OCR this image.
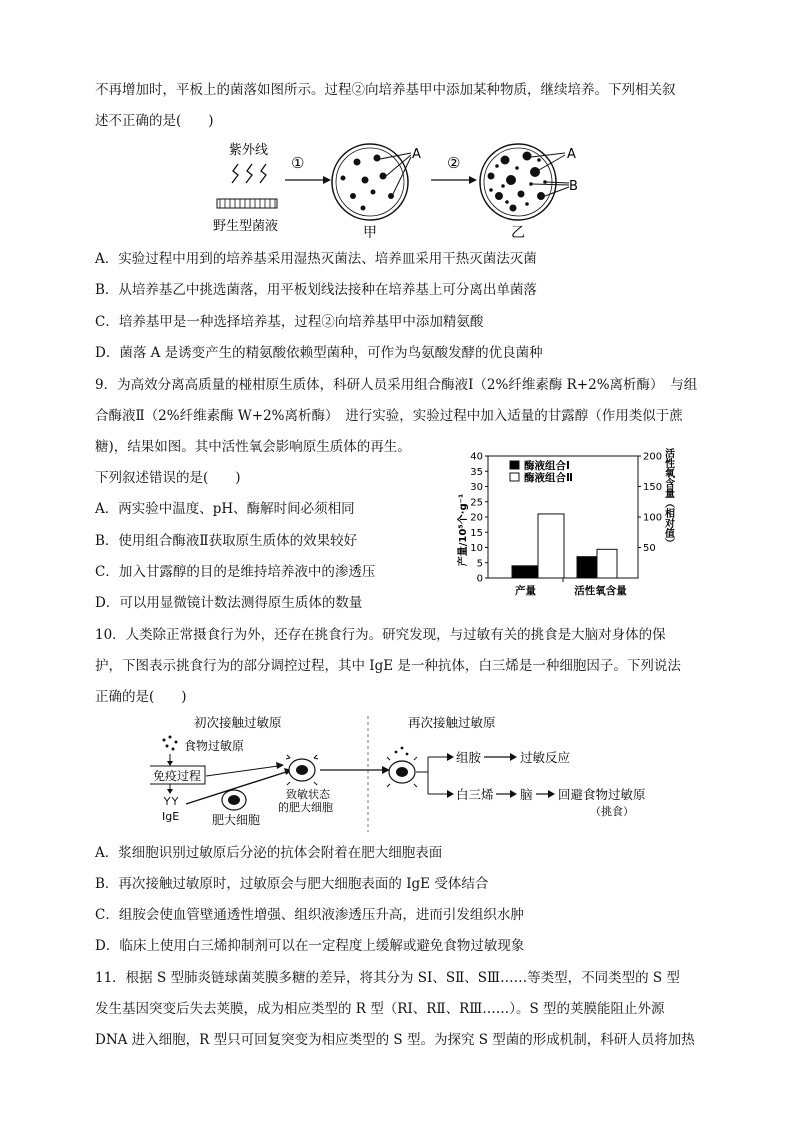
不再增加时，平板上的菌落如图所示。过程②向培养基甲中添加某种物质，继续培养。下列相关叙
述不正确的是(　　)
紫外线
野生型菌液
①	A
甲
②	A
B
乙
A．实验过程中用到的培养基采用湿热灭菌法、培养皿采用干热灭菌法灭菌
B．从培养基乙中挑选菌落，用平板划线法接种在培养基上可分离出单菌落
C．培养基甲是一种选择培养基，过程②向培养基甲中添加精氨酸
D．菌落 A 是诱变产生的精氨酸依赖型菌种，可作为鸟氨酸发酵的优良菌种
9．为高效分离高质量的椪柑原生质体，科研人员采用组合酶液Ⅰ（2%纤维素酶 R+2%离析酶）　与组
合酶液Ⅱ（2%纤维素酶 W+2%离析酶）　进行实验，实验过程中加入适量的甘露醇（作用类似于蔗
糖)，结果如图。其中活性氧会影响原生质体的再生。
下列叙述错误的是(　　)
A．两实验中温度、pH、酶解时间必须相同
B．使用组合酶液Ⅱ获取原生质体的效果较好
C．加入甘露醇的目的是维持培养液中的渗透压
D．可以用显微镜计数法测得原生质体的数量
产量/10⁵个·g⁻¹	活性氧含量（相对值）
0
5
10
15
20
25
30
35
40
50
100
150
200
酶液组合Ⅰ
酶液组合Ⅱ
产量	活性氧含量
10．人类除正常摄食行为外，还存在挑食行为。研究发现，与过敏有关的挑食是大脑对身体的保
护，下图表示挑食行为的部分调控过程，其中 IgE 是一种抗体，白三烯是一种细胞因子。下列说法
正确的是(　　)
初次接触过敏原	再次接触过敏原
食物过敏原
免疫过程
IgE	肥大细胞
致敏状态
的肥大细胞
组胺	过敏反应
白三烯 脑 回避食物过敏原
（挑食）
A．浆细胞识别过敏原后分泌的抗体会附着在肥大细胞表面
B．再次接触过敏原时，过敏原会与肥大细胞表面的 IgE 受体结合
C．组胺会使血管壁通透性增强、组织液渗透压升高，进而引发组织水肿
D．临床上使用白三烯抑制剂可以在一定程度上缓解或避免食物过敏现象
11．根据 S 型肺炎链球菌荚膜多糖的差异，将其分为 SⅠ、SⅡ、SⅢ……等类型，不同类型的 S 型
发生基因突变后失去荚膜，成为相应类型的 R 型（RⅠ、RⅡ、RⅢ……）。S 型的荚膜能阻止外源
DNA 进入细胞，R 型只可回复突变为相应类型的 S 型。为探究 S 型菌的形成机制，科研人员将加热
